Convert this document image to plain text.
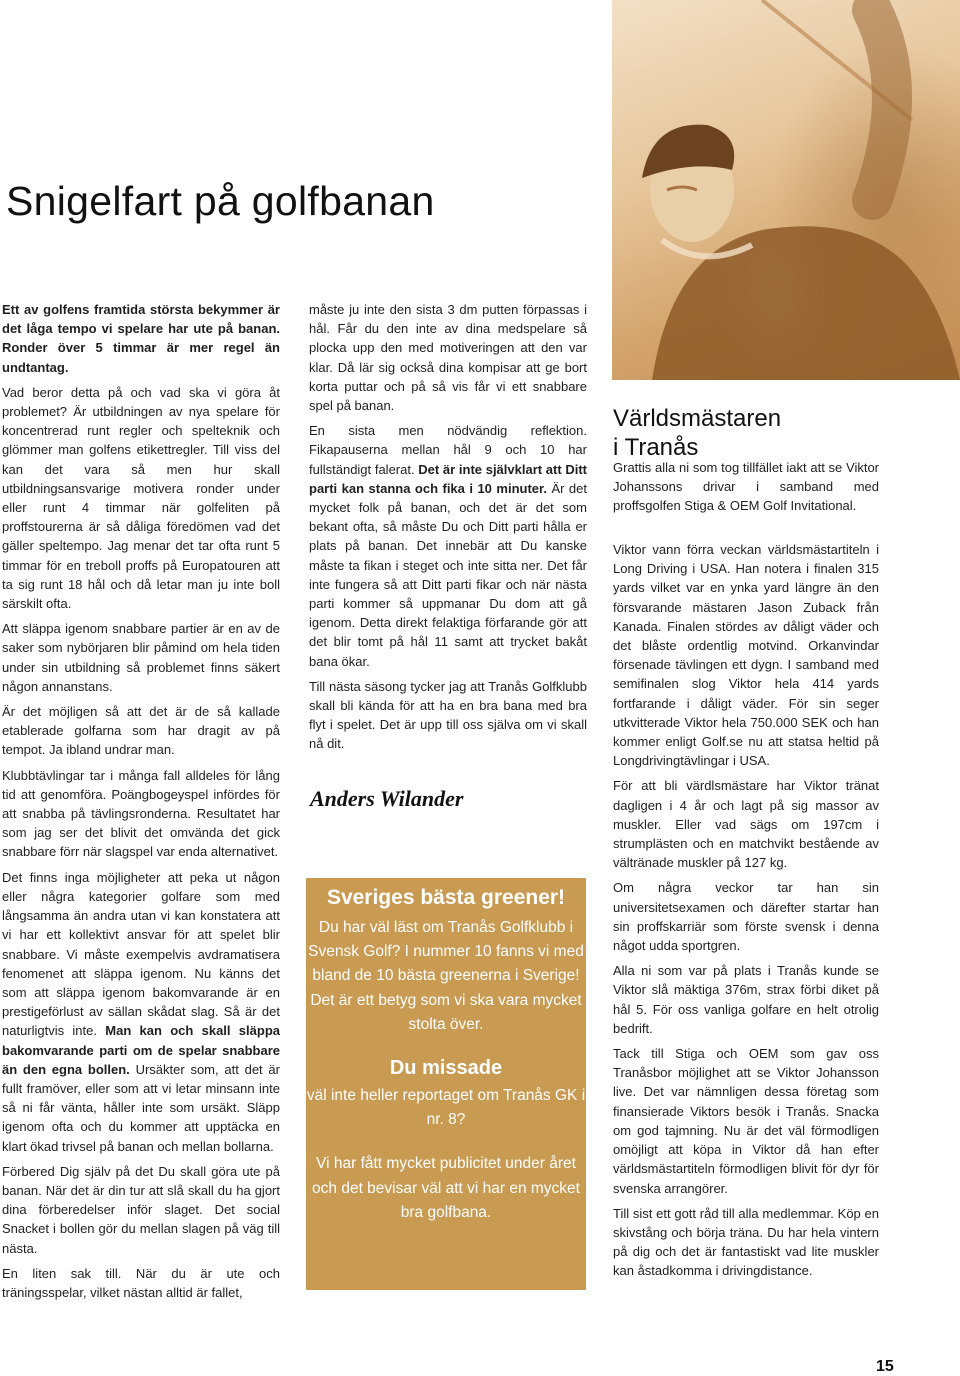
Snigelfart på golfbanan

Ett av golfens framtida största bekymmer är det låga tempo vi spelare har ute på banan. Ronder över 5 timmar är mer regel än undtantag.

Vad beror detta på och vad ska vi göra åt problemet? Är utbildningen av nya spelare för koncentrerad runt regler och spelteknik och glömmer man golfens etikettregler. Till viss del kan det vara så men hur skall utbildningsansvarige motivera ronder under eller runt 4 timmar när golfeliten på proffstourerna är så dåliga föredömen vad det gäller speltempo. Jag menar det tar ofta runt 5 timmar för en treboll proffs på Europatouren att ta sig runt 18 hål och då letar man ju inte boll särskilt ofta.

Att släppa igenom snabbare partier är en av de saker som nybörjaren blir påmind om hela tiden under sin utbildning så problemet finns säkert någon annanstans.

Är det möjligen så att det är de så kallade etablerade golfarna som har dragit av på tempot. Ja ibland undrar man.

Klubbtävlingar tar i många fall alldeles för lång tid att genomföra. Poängbogeyspel infördes för att snabba på tävlingsronderna. Resultatet har som jag ser det blivit det omvända det gick snabbare förr när slagspel var enda alternativet.

Det finns inga möjligheter att peka ut någon eller några kategorier golfare som med långsamma än andra utan vi kan konstatera att vi har ett kollektivt ansvar för att spelet blir snabbare. Vi måste exempelvis avdramatisera fenomenet att släppa igenom. Nu känns det som att släppa igenom bakomvarande är en prestigeförlust av sällan skådat slag. Så är det naturligtvis inte. Man kan och skall släppa bakomvarande parti om de spelar snabbare än den egna bollen. Ursäkter som, att det är fullt framöver, eller som att vi letar minsann inte så ni får vänta, håller inte som ursäkt. Släpp igenom ofta och du kommer att upptäcka en klart ökad trivsel på banan och mellan bollarna.

Förbered Dig själv på det Du skall göra ute på banan. När det är din tur att slå skall du ha gjort dina förberedelser inför slaget. Det social Snacket i bollen gör du mellan slagen på väg till nästa.

En liten sak till. När du är ute och träningsspelar, vilket nästan alltid är fallet,

måste ju inte den sista 3 dm putten förpassas i hål. Får du den inte av dina medspelare så plocka upp den med motiveringen att den var klar. Då lär sig också dina kompisar att ge bort korta puttar och på så vis får vi ett snabbare spel på banan.

En sista men nödvändig reflektion. Fikapauserna mellan hål 9 och 10 har fullständigt falerat. Det är inte självklart att Ditt parti kan stanna och fika i 10 minuter. Är det mycket folk på banan, och det är det som bekant ofta, så måste Du och Ditt parti hålla er plats på banan. Det innebär att Du kanske måste ta fikan i steget och inte sitta ner. Det får inte fungera så att Ditt parti fikar och när nästa parti kommer så uppmanar Du dom att gå igenom. Detta direkt felaktiga förfarande gör att det blir tomt på hål 11 samt att trycket bakåt bana ökar.

Till nästa säsong tycker jag att Tranås Golfklubb skall bli kända för att ha en bra bana med bra flyt i spelet. Det är upp till oss själva om vi skall nå dit.

Anders Wilander

Sveriges bästa greener!

Du har väl läst om Tranås Golfklubb i Svensk Golf? I nummer 10 fanns vi med bland de 10 bästa greenerna i Sverige! Det är ett betyg som vi ska vara mycket stolta över.

Du missade

väl inte heller reportaget om Tranås GK i nr. 8?

Vi har fått mycket publicitet under året och det bevisar väl att vi har en mycket bra golfbana.

Världsmästaren
i Tranås
Grattis alla ni som tog tillfället iakt att se Viktor Johanssons drivar i samband med proffsgolfen Stiga & OEM Golf Invitational.

Viktor vann förra veckan världsmästartiteln i Long Driving i USA. Han notera i finalen 315 yards vilket var en ynka yard längre än den försvarande mästaren Jason Zuback från Kanada. Finalen stördes av dåligt väder och det blåste ordentlig motvind. Orkanvindar försenade tävlingen ett dygn. I samband med semifinalen slog Viktor hela 414 yards fortfarande i dåligt väder. För sin seger utkvitterade Viktor hela 750.000 SEK och han kommer enligt Golf.se nu att statsa heltid på Longdrivingtävlingar i USA.

För att bli värdlsmästare har Viktor tränat dagligen i 4 år och lagt på sig massor av muskler. Eller vad sägs om 197cm i strumplästen och en matchvikt bestående av vältränade muskler på 127 kg.

Om några veckor tar han sin universitetsexamen och därefter startar han sin proffskarriär som förste svensk i denna något udda sportgren.

Alla ni som var på plats i Tranås kunde se Viktor slå mäktiga 376m, strax förbi diket på hål 5. För oss vanliga golfare en helt otrolig bedrift.

Tack till Stiga och OEM som gav oss Tranåsbor möjlighet att se Viktor Johansson live. Det var nämnligen dessa företag som finansierade Viktors besök i Tranås. Snacka om god tajmning. Nu är det väl förmodligen omöjligt att köpa in Viktor då han efter världsmästartiteln förmodligen blivit för dyr för svenska arrangörer.

Till sist ett gott råd till alla medlemmar. Köp en skivstång och börja träna. Du har hela vintern på dig och det är fantastiskt vad lite muskler kan åstadkomma i drivingdistance.

15
